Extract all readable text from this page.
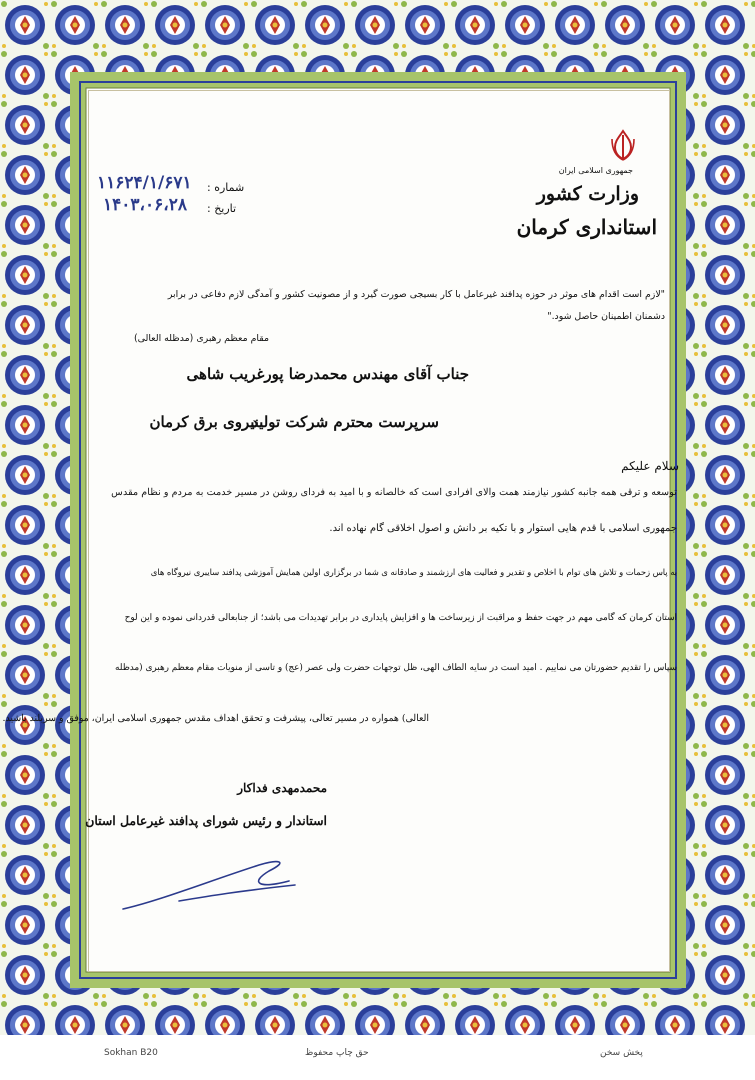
جمهوری اسلامی ایران
وزارت کشور
استانداری کرمان
شماره :
۱۱۶۲۴/۱/۶۷۱
تاریخ :
۱۴۰۳،۰۶،۲۸
"لازم است اقدام های موثر در حوزه پدافند غیرعامل با کار بسیجی صورت گیرد و از مصونیت کشور و آمدگی لازم دفاعی در برابر
دشمنان اطمینان حاصل شود."
مقام معظم رهبری (مدظله العالی)
جناب آقای مهندس محمدرضا پورغریب شاهی
سرپرست محترم شرکت تولید
نیروی برق کرمان
سلام علیکم
توسعه و ترقی همه جانبه کشور نیازمند همت والای افرادی است که خالصانه و با امید به فردای روشن در مسیر خدمت به مردم و نظام مقدس
جمهوری اسلامی با قدم هایی استوار و با تکیه بر دانش و اصول اخلاقی گام نهاده اند.
به پاس زحمات و تلاش های توام با اخلاص و تقدیر و فعالیت های ارزشمند و صادقانه ی شما در برگزاری اولین همایش آموزشی پدافند سایبری نیروگاه های
استان کرمان که گامی مهم در جهت حفظ و مراقبت از زیرساخت ها و افزایش پایداری در برابر تهدیدات می باشد؛ از جنابعالی قدردانی نموده و این لوح
سپاس را تقدیم حضورتان می نماییم . امید است در سایه الطاف الهی، ظل توجهات حضرت ولی عصر (عج) و تاسی از منویات مقام معظم رهبری (مدظله
العالی) همواره در مسیر تعالی، پیشرفت و تحقق اهداف مقدس جمهوری اسلامی ایران، موفق و سربلند باشید.
محمدمهدی فداکار
استاندار و رئیس شورای پدافند غیرعامل استان
Sokhan B20	حق چاپ محفوظ	پخش سخن
